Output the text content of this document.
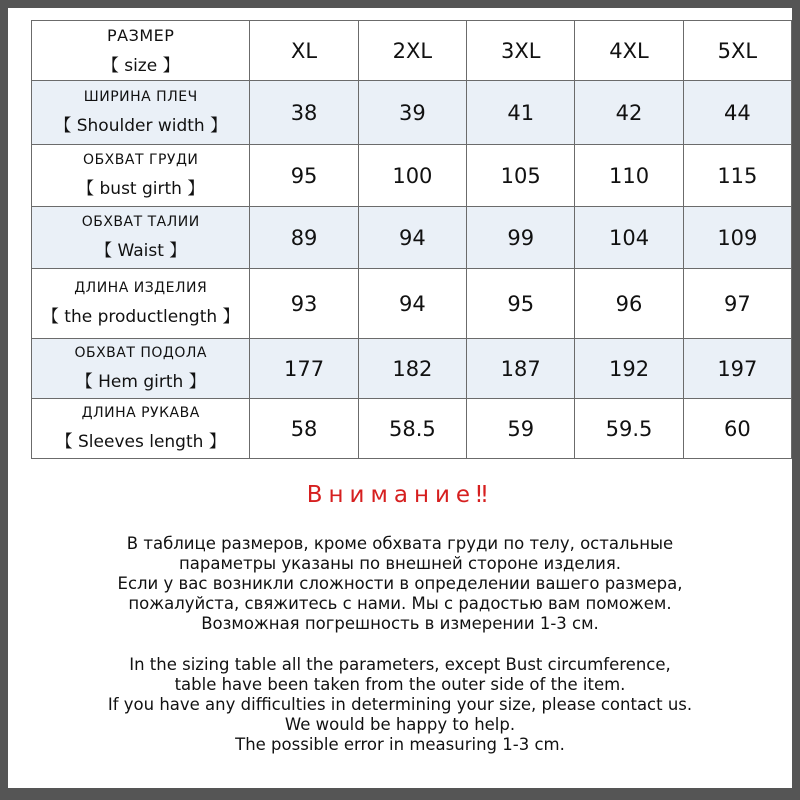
РАЗМЕР
【 size 】	XL	2XL	3XL	4XL	5XL

ШИРИНА ПЛЕЧ
【 Shoulder width 】	38	39	41	42	44

ОБХВАТ ГРУДИ
【 bust girth 】	95	100	105	110	115

ОБХВАТ ТАЛИИ
【 Waist 】	89	94	99	104	109

ДЛИНА ИЗДЕЛИЯ
【 the productlength 】	93	94	95	96	97

ОБХВАТ ПОДОЛА
【 Hem girth 】	177	182	187	192	197

ДЛИНА РУКАВА
【 Sleeves length 】	58	58.5	59	59.5	60
Внимание‼
В таблице размеров, кроме обхвата груди по телу, остальные
параметры указаны по внешней стороне изделия.
Если у вас возникли сложности в определении вашего размера,
пожалуйста, свяжитесь с нами. Мы с радостью вам поможем.
Возможная погрешность в измерении 1-3 см.
In the sizing table all the parameters, except Bust circumference,
table have been taken from the outer side of the item.
If you have any difficulties in determining your size, please contact us.
We would be happy to help.
The possible error in measuring 1-3 cm.
